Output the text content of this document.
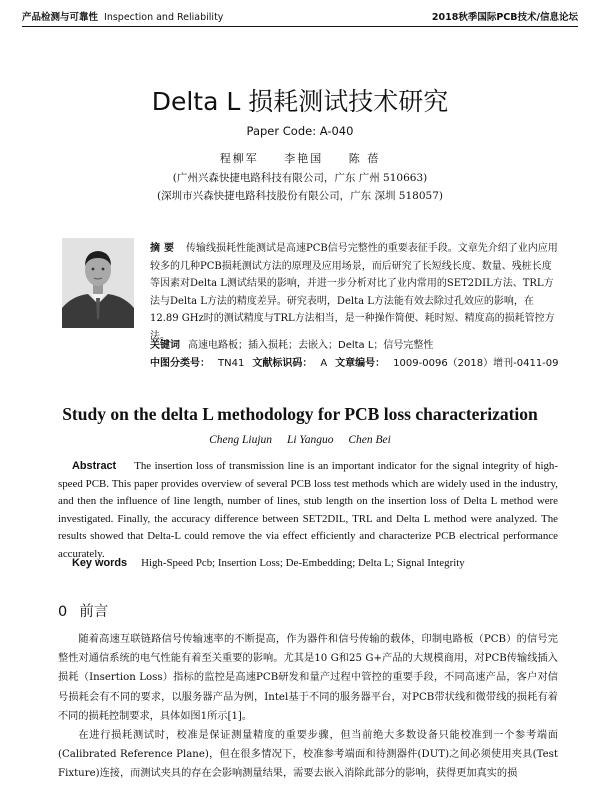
产品检测与可靠性 Inspection and Reliability	2018秋季国际PCB技术/信息论坛
Delta L 损耗测试技术研究
Paper Code: A-040
程柳军 李艳国 陈 蓓
(广州兴森快捷电路科技有限公司，广东 广州 510663)
(深圳市兴森快捷电路科技股份有限公司，广东 深圳 518057)
摘要 传输线损耗性能测试是高速PCB信号完整性的重要表征手段。文章先介绍了业内应用较多的几种PCB损耗测试方法的原理及应用场景，而后研究了长短线长度、数量、残桩长度等因素对Delta L测试结果的影响，并进一步分析对比了业内常用的SET2DIL方法、TRL方法与Delta L方法的精度差异。研究表明，Delta L方法能有效去除过孔效应的影响，在12.89 GHz时的测试精度与TRL方法相当，是一种操作简便、耗时短、精度高的损耗管控方法。
关键词 高速电路板；插入损耗；去嵌入；Delta L；信号完整性
中图分类号： TN41 文献标识码： A 文章编号： 1009-0096（2018）增刊-0411-09
Study on the delta L methodology for PCB loss characterization
Cheng Liujun Li Yanguo Chen Bei
Abstract The insertion loss of transmission line is an important indicator for the signal integrity of high-speed PCB. This paper provides overview of several PCB loss test methods which are widely used in the industry, and then the influence of line length, number of lines, stub length on the insertion loss of Delta L method were investigated. Finally, the accuracy difference between SET2DIL, TRL and Delta L method were analyzed. The results showed that Delta-L could remove the via effect efficiently and characterize PCB electrical performance accurately.
Key words High-Speed Pcb; Insertion Loss; De-Embedding; Delta L; Signal Integrity
0 前言

随着高速互联链路信号传输速率的不断提高，作为器件和信号传输的载体，印制电路板（PCB）的信号完整性对通信系统的电气性能有着至关重要的影响。尤其是10 G和25 G+产品的大规模商用，对PCB传输线插入损耗（Insertion Loss）指标的监控是高速PCB研发和量产过程中管控的重要手段，不同高速产品，客户对信号损耗会有不同的要求，以服务器产品为例，Intel基于不同的服务器平台，对PCB带状线和微带线的损耗有着不同的损耗控制要求，具体如图1所示[1]。

在进行损耗测试时，校准是保证测量精度的重要步骤，但当前绝大多数设备只能校准到一个参考端面(Calibrated Reference Plane)，但在很多情况下，校准参考端面和待测器件(DUT)之间必须使用夹具(Test Fixture)连接，而测试夹具的存在会影响测量结果，需要去嵌入消除此部分的影响，获得更加真实的损
